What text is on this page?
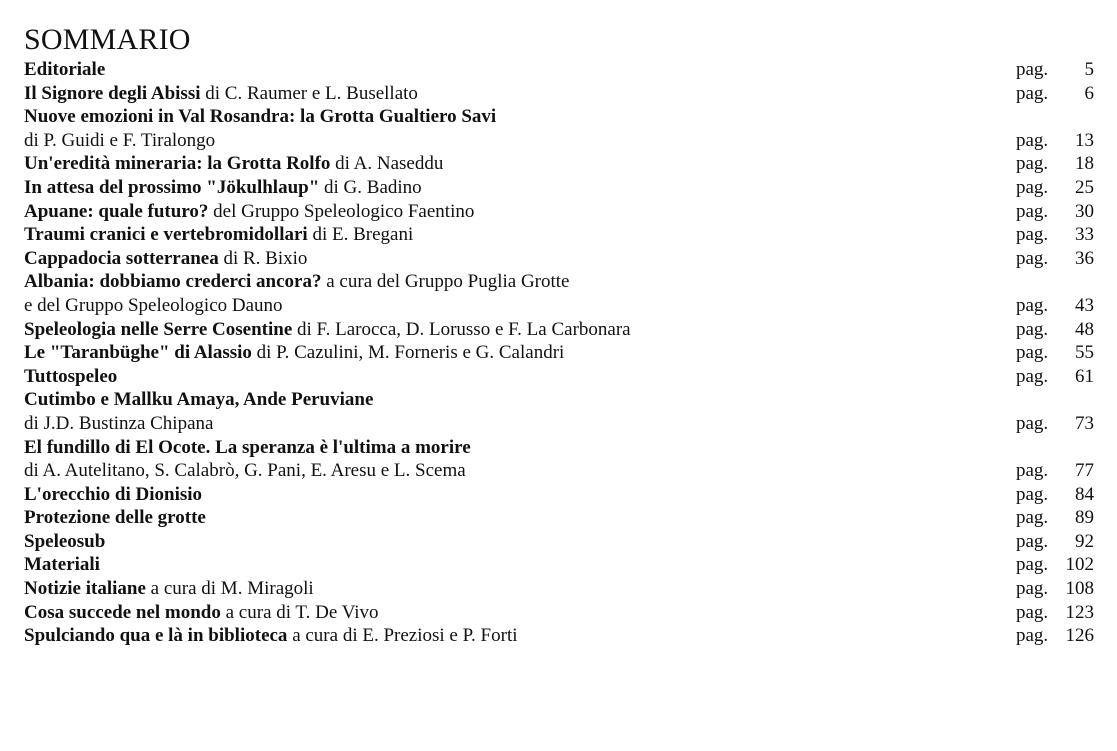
SOMMARIO
Editoriale	pag. 5
Il Signore degli Abissi di C. Raumer e L. Busellato	pag. 6
Nuove emozioni in Val Rosandra: la Grotta Gualtiero Savi
di P. Guidi e F. Tiralongo	pag. 13
Un'eredità mineraria: la Grotta Rolfo di A. Naseddu	pag. 18
In attesa del prossimo "Jökulhlaup" di G. Badino	pag. 25
Apuane: quale futuro? del Gruppo Speleologico Faentino	pag. 30
Traumi cranici e vertebromidollari di E. Bregani	pag. 33
Cappadocia sotterranea di R. Bixio	pag. 36
Albania: dobbiamo crederci ancora? a cura del Gruppo Puglia Grotte
e del Gruppo Speleologico Dauno	pag. 43
Speleologia nelle Serre Cosentine di F. Larocca, D. Lorusso e F. La Carbonara	pag. 48
Le "Taranbüghe" di Alassio di P. Cazulini, M. Forneris e G. Calandri	pag. 55
Tuttospeleo	pag. 61
Cutimbo e Mallku Amaya, Ande Peruviane
di J.D. Bustinza Chipana	pag. 73
El fundillo di El Ocote. La speranza è l'ultima a morire
di A. Autelitano, S. Calabrò, G. Pani, E. Aresu e L. Scema	pag. 77
L'orecchio di Dionisio	pag. 84
Protezione delle grotte	pag. 89
Speleosub	pag. 92
Materiali	pag. 102
Notizie italiane a cura di M. Miragoli	pag. 108
Cosa succede nel mondo a cura di T. De Vivo	pag. 123
Spulciando qua e là in biblioteca a cura di E. Preziosi e P. Forti	pag. 126
